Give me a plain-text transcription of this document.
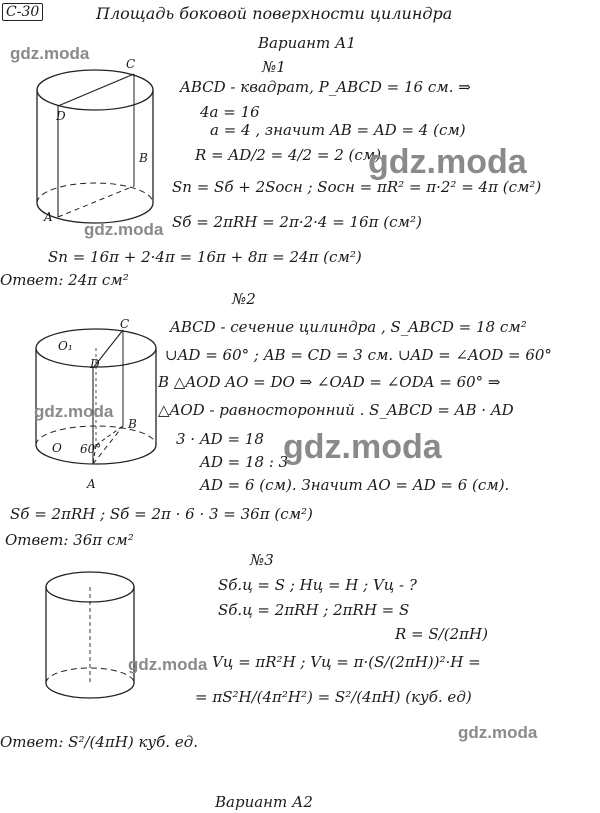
С-30	Площадь боковой поверхности цилиндра
Вариант А1
C
D
B
A
№1
ABCD - квадрат, P_ABCD = 16 см. ⇒
4a = 16
a = 4 , значит AB = AD = 4 (см)
R = AD/2 = 4/2 = 2 (см)
Sп = Sб + 2Sосн ; Sосн = πR² = π·2² = 4π (см²)
Sб = 2πRH = 2π·2·4 = 16π (см²)
Sп = 16π + 2·4π = 16π + 8π = 24π (см²)
Ответ: 24π см²
O₁
C
D
B
O 60°
A
№2
ABCD - сечение цилиндра , S_ABCD = 18 см²
∪AD = 60° ; AB = CD = 3 см. ∪AD = ∠AOD = 60°
В △AOD AO = DO ⇒ ∠OAD = ∠ODA = 60° ⇒
△AOD - равносторонний . S_ABCD = AB · AD
3 · AD = 18
AD = 18 : 3
AD = 6 (см). Значит AO = AD = 6 (см).
Sб = 2πRH ; Sб = 2π · 6 · 3 = 36π (см²)
Ответ: 36π см²
№3
Sб.ц = S ; Hц = H ; Vц - ?
Sб.ц = 2πRH ; 2πRH = S
R = S/(2πH)
Vц = πR²H ; Vц = π·(S/(2πH))²·H =
= πS²H/(4π²H²) = S²/(4πH) (куб. ед)
Ответ: S²/(4πH) куб. ед.
Вариант А2
gdz.moda
gdz.moda
gdz.moda
gdz.moda
gdz.moda
gdz.moda
gdz.moda
